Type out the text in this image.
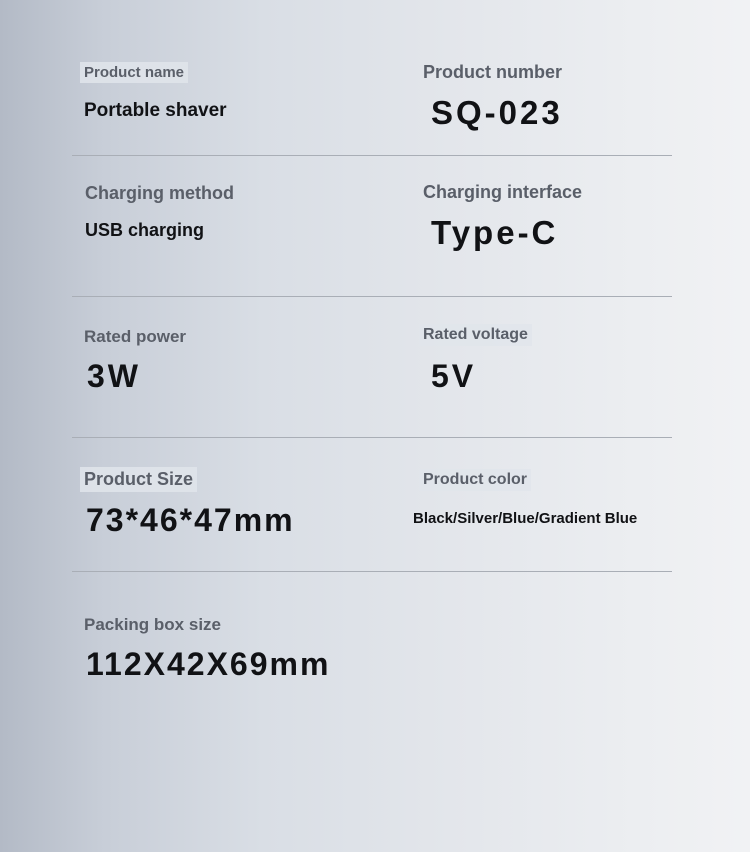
Product name
Portable shaver
Product number
SQ-023
Charging method
USB charging
Charging interface
Type-C
Rated power
3W
Rated voltage
5V
Product Size
73*46*47mm
Product color
Black/Silver/Blue/Gradient Blue
Packing box size
112X42X69mm
